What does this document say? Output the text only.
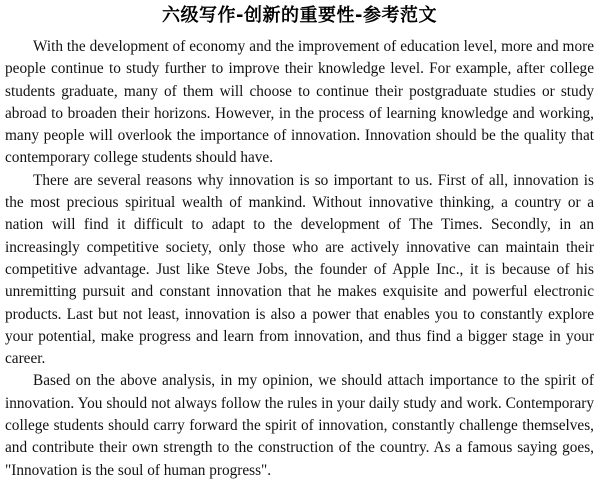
六级写作-创新的重要性-参考范文

With the development of economy and the improvement of education level, more and more people continue to study further to improve their knowledge level. For example, after college students graduate, many of them will choose to continue their postgraduate studies or study abroad to broaden their horizons. However, in the process of learning knowledge and working, many people will overlook the importance of innovation. Innovation should be the quality that contemporary college students should have.

There are several reasons why innovation is so important to us. First of all, innovation is the most precious spiritual wealth of mankind. Without innovative thinking, a country or a nation will find it difficult to adapt to the development of The Times. Secondly, in an increasingly competitive society, only those who are actively innovative can maintain their competitive advantage. Just like Steve Jobs, the founder of Apple Inc., it is because of his unremitting pursuit and constant innovation that he makes exquisite and powerful electronic products. Last but not least, innovation is also a power that enables you to constantly explore your potential, make progress and learn from innovation, and thus find a bigger stage in your career.

Based on the above analysis, in my opinion, we should attach importance to the spirit of innovation. You should not always follow the rules in your daily study and work. Contemporary college students should carry forward the spirit of innovation, constantly challenge themselves, and contribute their own strength to the construction of the country. As a famous saying goes, "Innovation is the soul of human progress".
